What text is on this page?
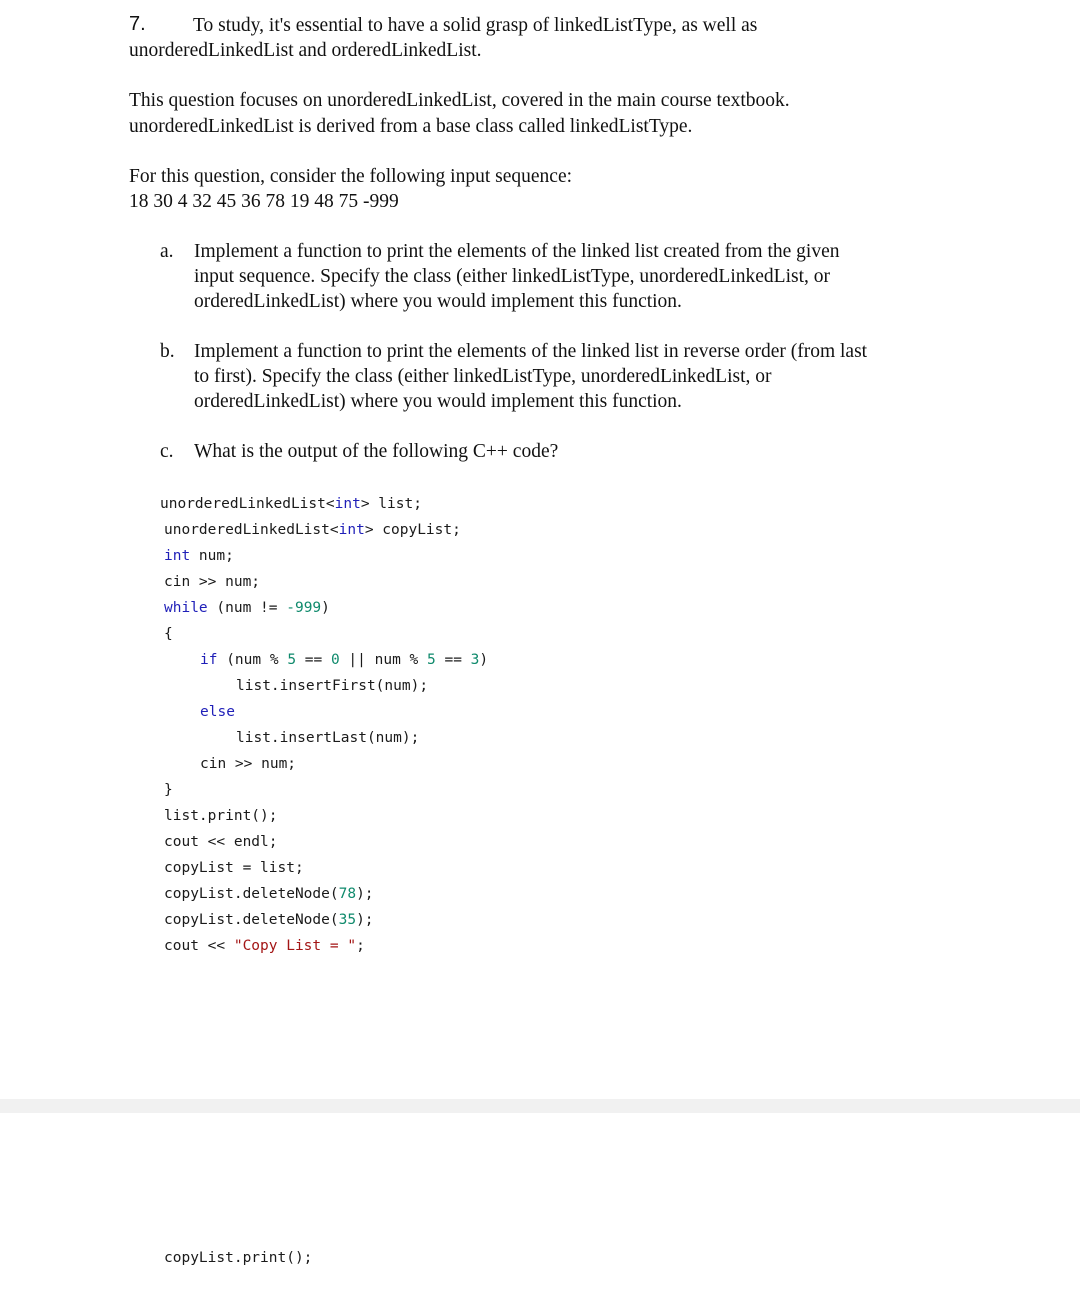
7. To study, it's essential to have a solid grasp of linkedListType, as well as
unorderedLinkedList and orderedLinkedList.
This question focuses on unorderedLinkedList, covered in the main course textbook.
unorderedLinkedList is derived from a base class called linkedListType.
For this question, consider the following input sequence:
18 30 4 32 45 36 78 19 48 75 -999
a. Implement a function to print the elements of the linked list created from the given
input sequence. Specify the class (either linkedListType, unorderedLinkedList, or
orderedLinkedList) where you would implement this function.
b. Implement a function to print the elements of the linked list in reverse order (from last
to first). Specify the class (either linkedListType, unorderedLinkedList, or
orderedLinkedList) where you would implement this function.
c. What is the output of the following C++ code?
unorderedLinkedList<int> list;
unorderedLinkedList<int> copyList;
int num;
cin >> num;
while (num != -999)
{
if (num % 5 == 0 || num % 5 == 3)
list.insertFirst(num);
else
list.insertLast(num);
cin >> num;
}
list.print();
cout << endl;
copyList = list;
copyList.deleteNode(78);
copyList.deleteNode(35);
cout << "Copy List = ";
copyList.print();
